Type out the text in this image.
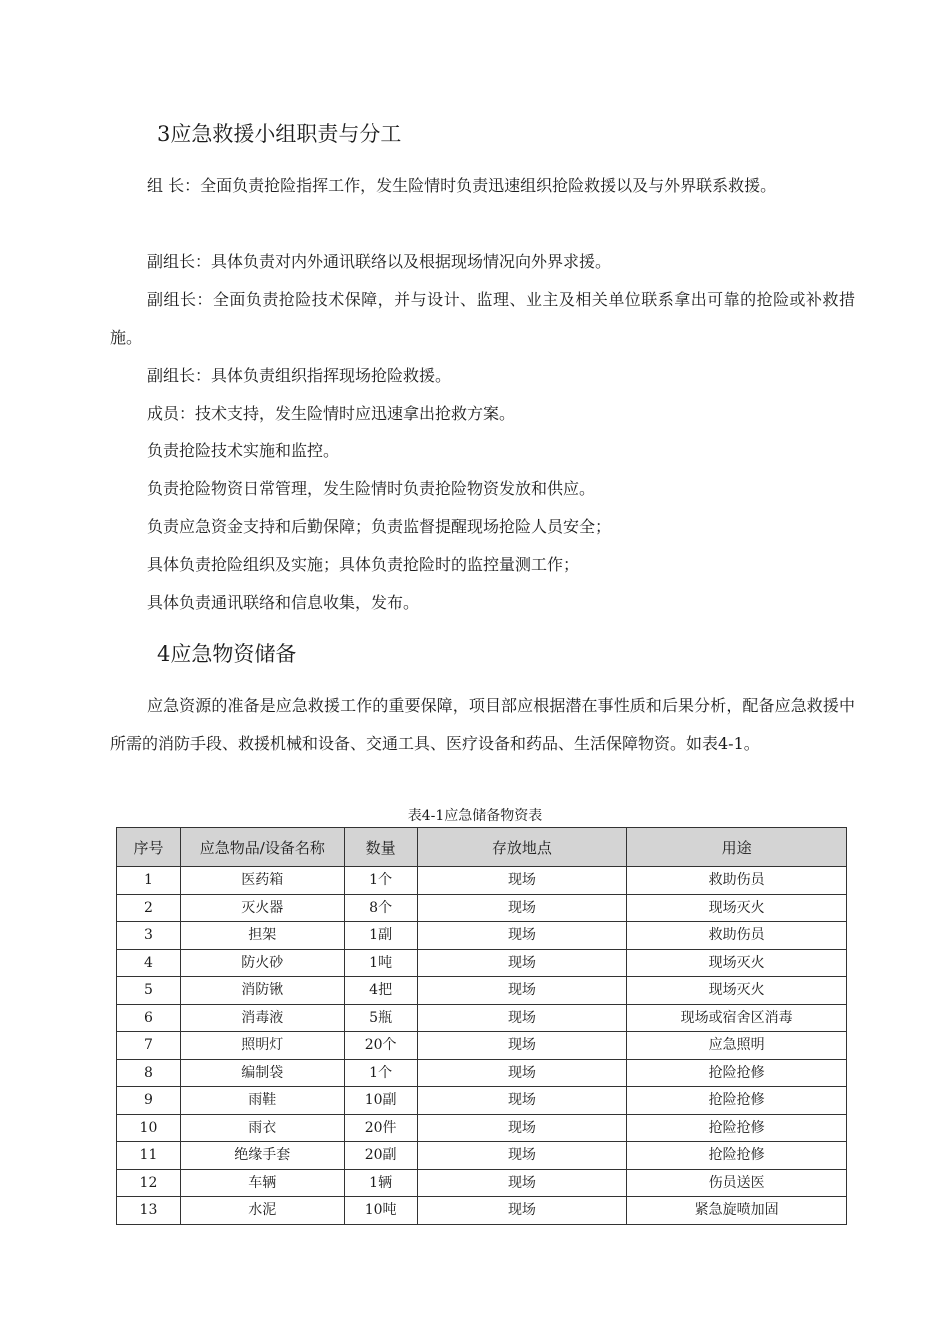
3应急救援小组职责与分工

组 长：全面负责抢险指挥工作，发生险情时负责迅速组织抢险救援以及与外界联系救援。

副组长：具体负责对内外通讯联络以及根据现场情况向外界求援。

副组长：全面负责抢险技术保障，并与设计、监理、业主及相关单位联系拿出可靠的抢险或补救措施。

副组长：具体负责组织指挥现场抢险救援。

成员：技术支持，发生险情时应迅速拿出抢救方案。

负责抢险技术实施和监控。

负责抢险物资日常管理，发生险情时负责抢险物资发放和供应。

负责应急资金支持和后勤保障；负责监督提醒现场抢险人员安全；

具体负责抢险组织及实施；具体负责抢险时的监控量测工作；

具体负责通讯联络和信息收集，发布。

4应急物资储备

应急资源的准备是应急救援工作的重要保障，项目部应根据潜在事性质和后果分析，配备应急救援中所需的消防手段、救援机械和设备、交通工具、医疗设备和药品、生活保障物资。如表4-1。

表4-1应急储备物资表
序号	应急物品/设备名称	数量	存放地点	用途
1	医药箱	1个	现场	救助伤员
2	灭火器	8个	现场	现场灭火
3	担架	1副	现场	救助伤员
4	防火砂	1吨	现场	现场灭火
5	消防锹	4把	现场	现场灭火
6	消毒液	5瓶	现场	现场或宿舍区消毒
7	照明灯	20个	现场	应急照明
8	编制袋	1个	现场	抢险抢修
9	雨鞋	10副	现场	抢险抢修
10	雨衣	20件	现场	抢险抢修
11	绝缘手套	20副	现场	抢险抢修
12	车辆	1辆	现场	伤员送医
13	水泥	10吨	现场	紧急旋喷加固
